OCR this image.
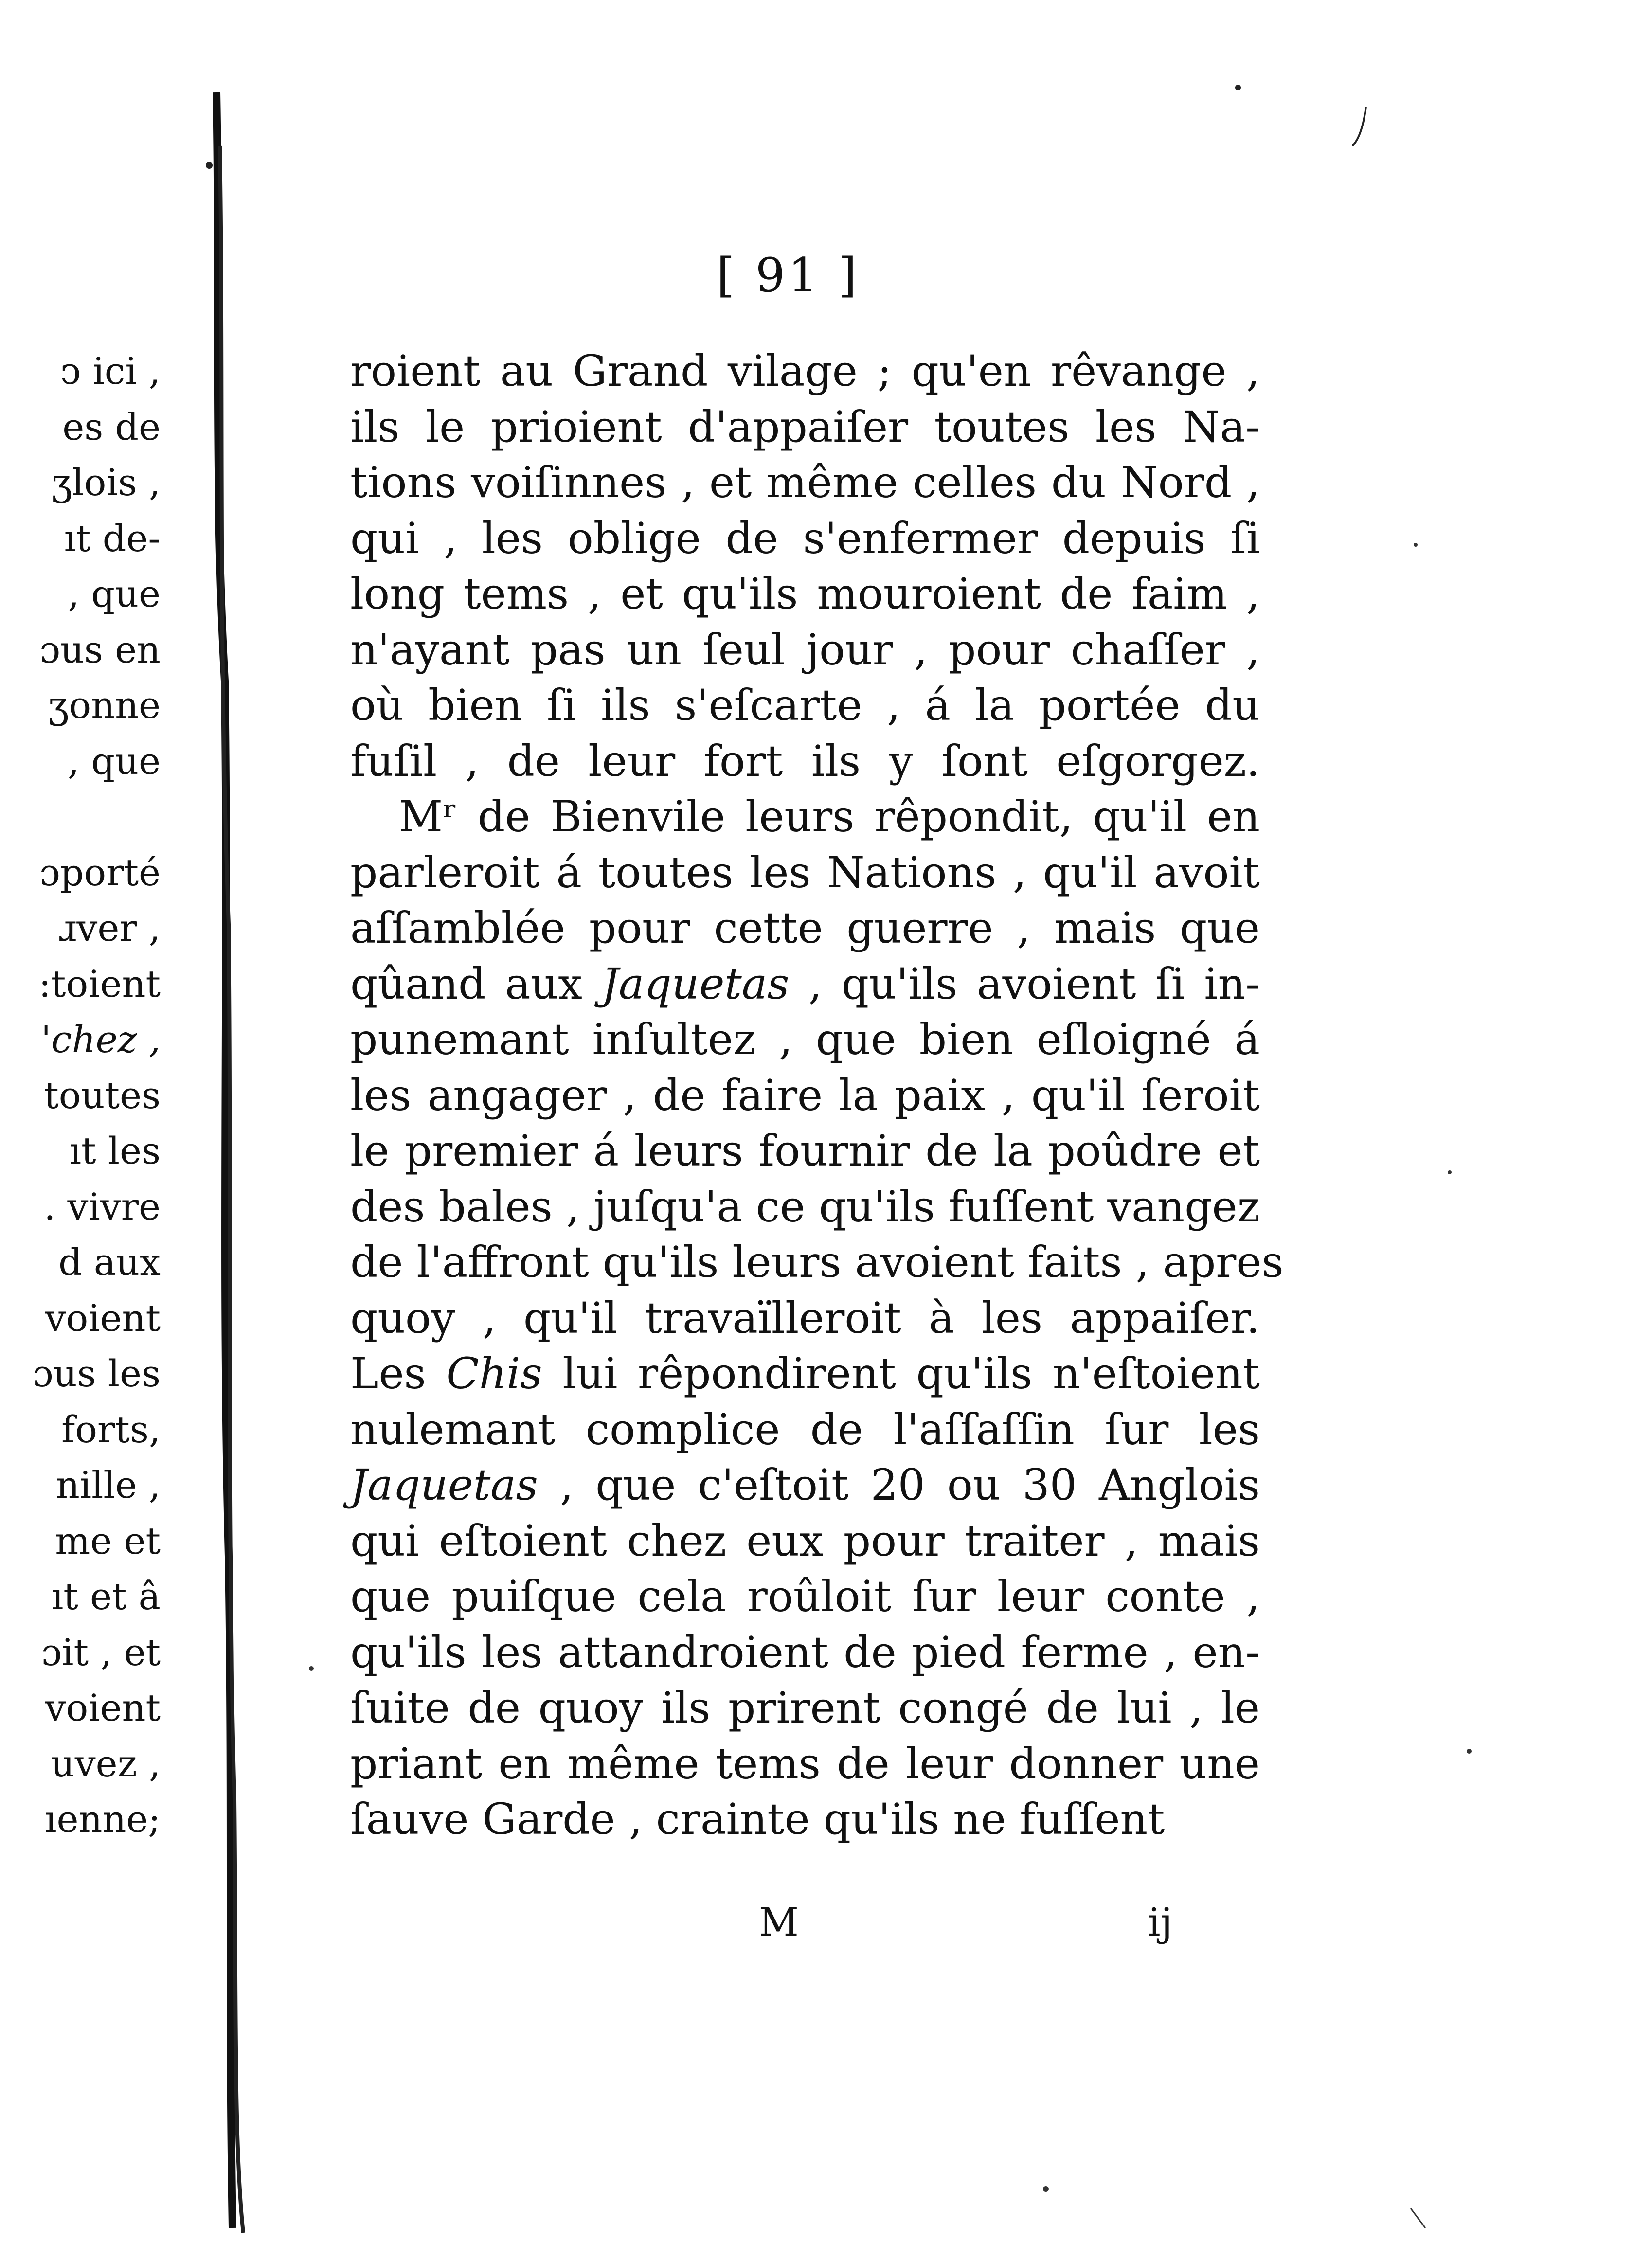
ͻ ici ,
es de
ʒlois ,
ıt de-
, que
ɔus en
ʒonne
, que
ɔporté
ɹver ,
:toient
'chez ,
toutes
ıt les
. vivre
d aux
voient
ɔus les
forts,
nille ,
me et
ıt et â
ɔit , et
voient
uvez ,
ıenne;
[ 91 ]
roient au Grand vilage ; qu'en rêvange ,
ils le prioient d'appaiſer toutes les Na-
tions voiſinnes , et même celles du Nord ,
qui , les oblige de s'enfermer depuis ſi
long tems , et qu'ils mouroient de faim ,
n'ayant pas un ſeul jour , pour chaſſer ,
où bien ſi ils s'eſcarte , á la portée du
fuſil , de leur fort ils y ſont eſgorgez.
Mʳ de Bienvile leurs rêpondit, qu'il en
parleroit á toutes les Nations , qu'il avoit
aſſamblée pour cette guerre , mais que
qûand aux Jaquetas , qu'ils avoient ſi in-
punemant inſultez , que bien eſloigné á
les angager , de faire la paix , qu'il ſeroit
le premier á leurs fournir de la poûdre et
des bales , juſqu'a ce qu'ils fuſſent vangez
de l'affront qu'ils leurs avoient faits , apres
quoy , qu'il travaïlleroit à les appaiſer.
Les Chis lui rêpondirent qu'ils n'eſtoient
nulemant complice de l'aſſaſſin ſur les
Jaquetas , que c'eſtoit 20 ou 30 Anglois
qui eſtoient chez eux pour traiter , mais
que puiſque cela roûloit ſur leur conte ,
qu'ils les attandroient de pied ferme , en-
ſuite de quoy ils prirent congé de lui , le
priant en même tems de leur donner une
ſauve Garde , crainte qu'ils ne fuſſent
M	ij
